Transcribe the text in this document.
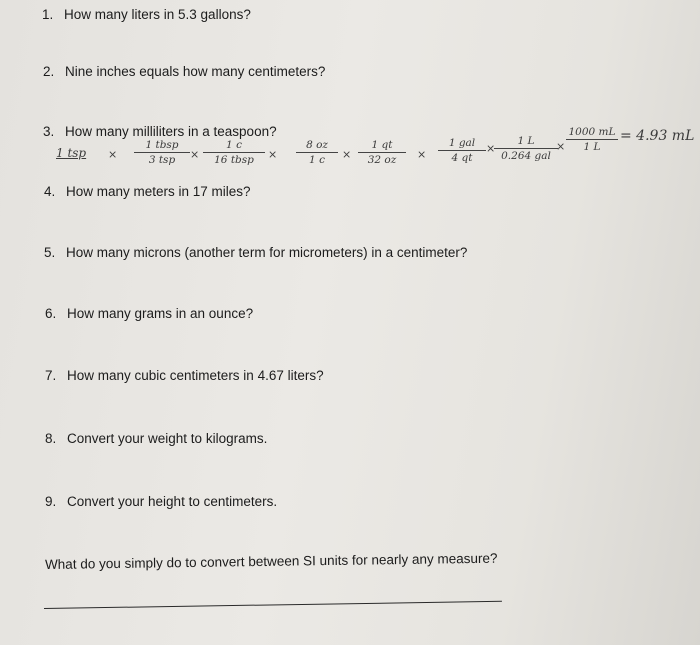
1. How many liters in 5.3 gallons?
2. Nine inches equals how many centimeters?
3. How many milliliters in a teaspoon?
1 tsp ×
1 tbsp
3 tsp	×
1 c
16 tbsp	×
8 oz
1 c	×
1 qt
32 oz	×
1 gal
4 qt
×
1 L
0.264 gal
×
1000 mL
1 L
= 4.93 mL
4. How many meters in 17 miles?
5. How many microns (another term for micrometers) in a centimeter?
6. How many grams in an ounce?
7. How many cubic centimeters in 4.67 liters?
8. Convert your weight to kilograms.
9. Convert your height to centimeters.
What do you simply do to convert between SI units for nearly any measure?
